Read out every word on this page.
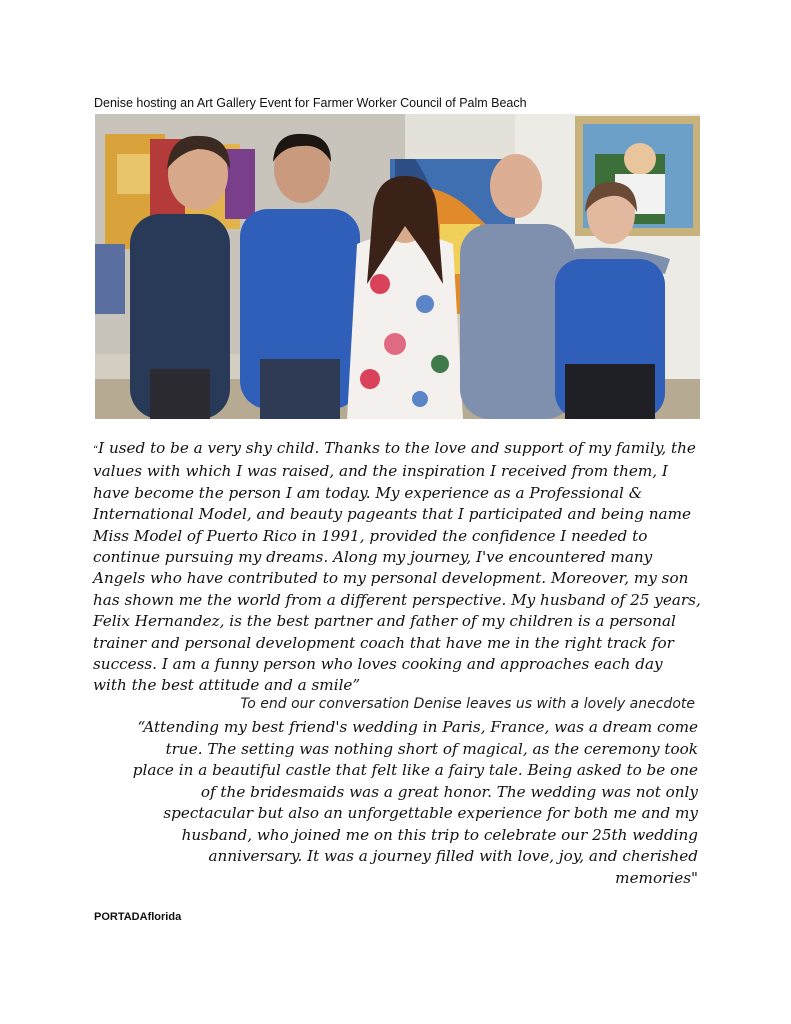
Denise hosting an Art Gallery Event for Farmer Worker Council of Palm Beach
“I used to be a very shy child. Thanks to the love and support of my family, the values with which I was raised, and the inspiration I received from them, I have become the person I am today. My experience as a Professional & International Model, and beauty pageants that I participated and being name Miss Model of Puerto Rico in 1991, provided the confidence I needed to continue pursuing my dreams. Along my journey, I've encountered many Angels who have contributed to my personal development. Moreover, my son has shown me the world from a different perspective. My husband of 25 years, Felix Hernandez, is the best partner and father of my children is a personal trainer and personal development coach that have me in the right track for success. I am a funny person who loves cooking and approaches each day with the best attitude and a smile”
To end our conversation Denise leaves us with a lovely anecdote
“Attending my best friend's wedding in Paris, France, was a dream come true. The setting was nothing short of magical, as the ceremony took place in a beautiful castle that felt like a fairy tale. Being asked to be one of the bridesmaids was a great honor. The wedding was not only spectacular but also an unforgettable experience for both me and my husband, who joined me on this trip to celebrate our 25th wedding anniversary. It was a journey filled with love, joy, and cherished memories"
PORTADAflorida
